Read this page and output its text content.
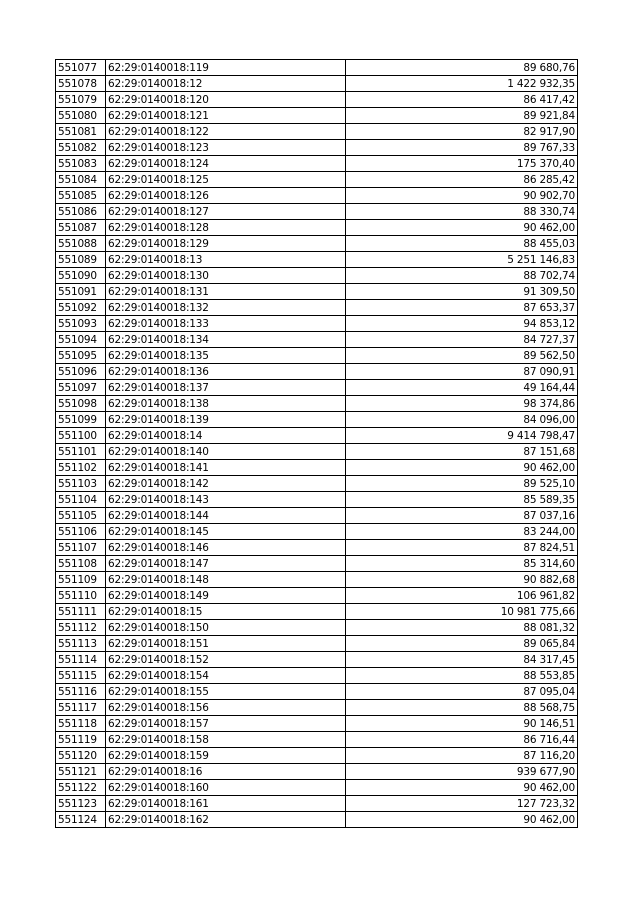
551077	62:29:0140018:119	89 680,76
551078	62:29:0140018:12	1 422 932,35
551079	62:29:0140018:120	86 417,42
551080	62:29:0140018:121	89 921,84
551081	62:29:0140018:122	82 917,90
551082	62:29:0140018:123	89 767,33
551083	62:29:0140018:124	175 370,40
551084	62:29:0140018:125	86 285,42
551085	62:29:0140018:126	90 902,70
551086	62:29:0140018:127	88 330,74
551087	62:29:0140018:128	90 462,00
551088	62:29:0140018:129	88 455,03
551089	62:29:0140018:13	5 251 146,83
551090	62:29:0140018:130	88 702,74
551091	62:29:0140018:131	91 309,50
551092	62:29:0140018:132	87 653,37
551093	62:29:0140018:133	94 853,12
551094	62:29:0140018:134	84 727,37
551095	62:29:0140018:135	89 562,50
551096	62:29:0140018:136	87 090,91
551097	62:29:0140018:137	49 164,44
551098	62:29:0140018:138	98 374,86
551099	62:29:0140018:139	84 096,00
551100	62:29:0140018:14	9 414 798,47
551101	62:29:0140018:140	87 151,68
551102	62:29:0140018:141	90 462,00
551103	62:29:0140018:142	89 525,10
551104	62:29:0140018:143	85 589,35
551105	62:29:0140018:144	87 037,16
551106	62:29:0140018:145	83 244,00
551107	62:29:0140018:146	87 824,51
551108	62:29:0140018:147	85 314,60
551109	62:29:0140018:148	90 882,68
551110	62:29:0140018:149	106 961,82
551111	62:29:0140018:15	10 981 775,66
551112	62:29:0140018:150	88 081,32
551113	62:29:0140018:151	89 065,84
551114	62:29:0140018:152	84 317,45
551115	62:29:0140018:154	88 553,85
551116	62:29:0140018:155	87 095,04
551117	62:29:0140018:156	88 568,75
551118	62:29:0140018:157	90 146,51
551119	62:29:0140018:158	86 716,44
551120	62:29:0140018:159	87 116,20
551121	62:29:0140018:16	939 677,90
551122	62:29:0140018:160	90 462,00
551123	62:29:0140018:161	127 723,32
551124	62:29:0140018:162	90 462,00
